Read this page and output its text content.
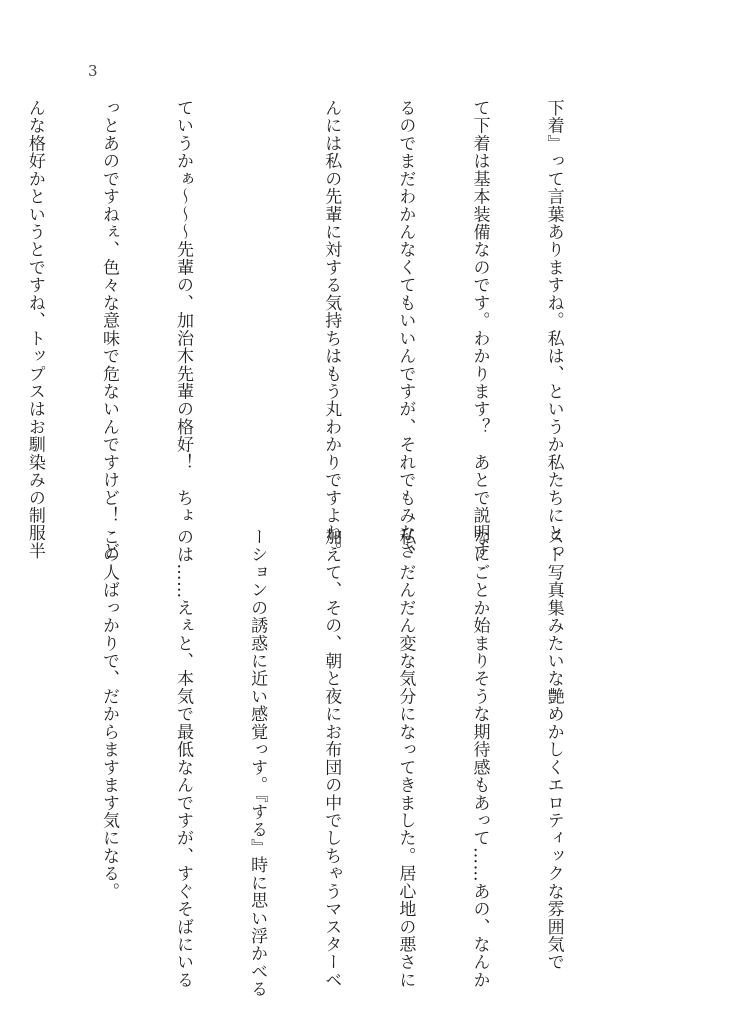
3

下着』って言葉ありますね。私は、というか私たちにとっ

て下着は基本装備なのです。わかります？　あとで説明す

るのでまだわかんなくてもいいんですが、それでもみなさ

んには私の先輩に対する気持ちはもう丸わかりですよね。

ていうかぁ〜〜〜先輩の、加治木先輩の格好！　ちょ

っとあのですねぇ、色々な意味で危ないんですけど！　ど

んな格好かというとですね、トップスはお馴染みの制服半

スト写真集みたいな艶めかしくエロティックな雰囲気で

なにごとか始まりそうな期待感もあって……あの、なんか

私、だんだん変な気分になってきました。居心地の悪さに

加えて、その、朝と夜にお布団の中でしちゃうマスターベ

ーションの誘惑に近い感覚っす。『する』時に思い浮かべる

のは……えぇと、本気で最低なんですが、すぐそばにいる

この人ばっかりで、だからますます気になる。
